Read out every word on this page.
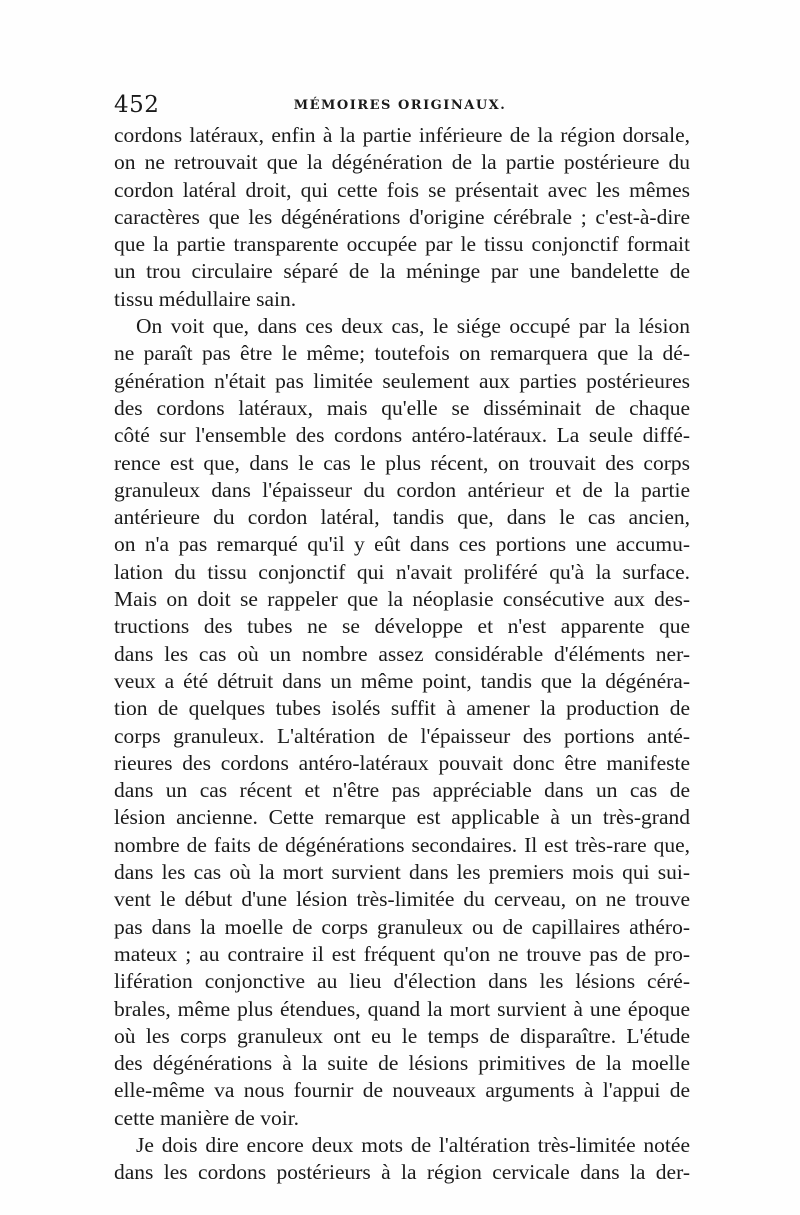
452	MÉMOIRES ORIGINAUX.
cordons latéraux, enfin à la partie inférieure de la région dorsale,
on ne retrouvait que la dégénération de la partie postérieure du
cordon latéral droit, qui cette fois se présentait avec les mêmes
caractères que les dégénérations d'origine cérébrale ; c'est-à-dire
que la partie transparente occupée par le tissu conjonctif formait
un trou circulaire séparé de la méninge par une bandelette de
tissu médullaire sain.
On voit que, dans ces deux cas, le siége occupé par la lésion
ne paraît pas être le même; toutefois on remarquera que la dé-
génération n'était pas limitée seulement aux parties postérieures
des cordons latéraux, mais qu'elle se disséminait de chaque
côté sur l'ensemble des cordons antéro-latéraux. La seule diffé-
rence est que, dans le cas le plus récent, on trouvait des corps
granuleux dans l'épaisseur du cordon antérieur et de la partie
antérieure du cordon latéral, tandis que, dans le cas ancien,
on n'a pas remarqué qu'il y eût dans ces portions une accumu-
lation du tissu conjonctif qui n'avait proliféré qu'à la surface.
Mais on doit se rappeler que la néoplasie consécutive aux des-
tructions des tubes ne se développe et n'est apparente que
dans les cas où un nombre assez considérable d'éléments ner-
veux a été détruit dans un même point, tandis que la dégénéra-
tion de quelques tubes isolés suffit à amener la production de
corps granuleux. L'altération de l'épaisseur des portions anté-
rieures des cordons antéro-latéraux pouvait donc être manifeste
dans un cas récent et n'être pas appréciable dans un cas de
lésion ancienne. Cette remarque est applicable à un très-grand
nombre de faits de dégénérations secondaires. Il est très-rare que,
dans les cas où la mort survient dans les premiers mois qui sui-
vent le début d'une lésion très-limitée du cerveau, on ne trouve
pas dans la moelle de corps granuleux ou de capillaires athéro-
mateux ; au contraire il est fréquent qu'on ne trouve pas de pro-
lifération conjonctive au lieu d'élection dans les lésions céré-
brales, même plus étendues, quand la mort survient à une époque
où les corps granuleux ont eu le temps de disparaître. L'étude
des dégénérations à la suite de lésions primitives de la moelle
elle-même va nous fournir de nouveaux arguments à l'appui de
cette manière de voir.
Je dois dire encore deux mots de l'altération très-limitée notée
dans les cordons postérieurs à la région cervicale dans la der-
